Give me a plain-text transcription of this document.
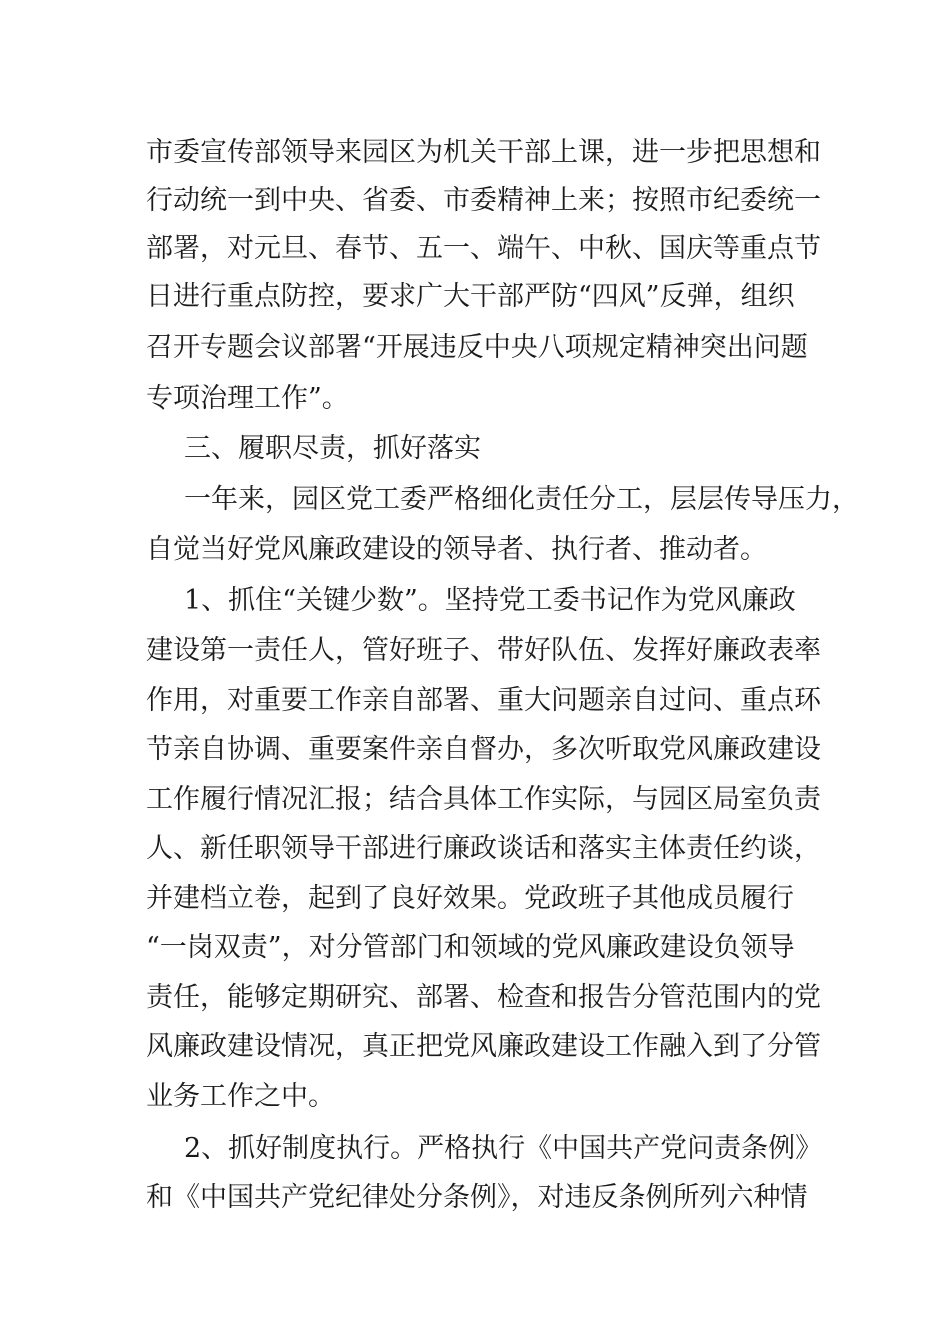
市委宣传部领导来园区为机关干部上课，进一步把思想和
行动统一到中央、省委、市委精神上来；按照市纪委统一
部署，对元旦、春节、五一、端午、中秋、国庆等重点节
日进行重点防控，要求广大干部严防“四风”反弹，组织
召开专题会议部署“开展违反中央八项规定精神突出问题
专项治理工作”。
三、履职尽责，抓好落实
一年来，园区党工委严格细化责任分工，层层传导压力，
自觉当好党风廉政建设的领导者、执行者、推动者。
1、抓住“关键少数”。坚持党工委书记作为党风廉政
建设第一责任人，管好班子、带好队伍、发挥好廉政表率
作用，对重要工作亲自部署、重大问题亲自过问、重点环
节亲自协调、重要案件亲自督办，多次听取党风廉政建设
工作履行情况汇报；结合具体工作实际，与园区局室负责
人、新任职领导干部进行廉政谈话和落实主体责任约谈，
并建档立卷，起到了良好效果。党政班子其他成员履行
“一岗双责”，对分管部门和领域的党风廉政建设负领导
责任，能够定期研究、部署、检查和报告分管范围内的党
风廉政建设情况，真正把党风廉政建设工作融入到了分管
业务工作之中。
2、抓好制度执行。严格执行《中国共产党问责条例》
和《中国共产党纪律处分条例》，对违反条例所列六种情
